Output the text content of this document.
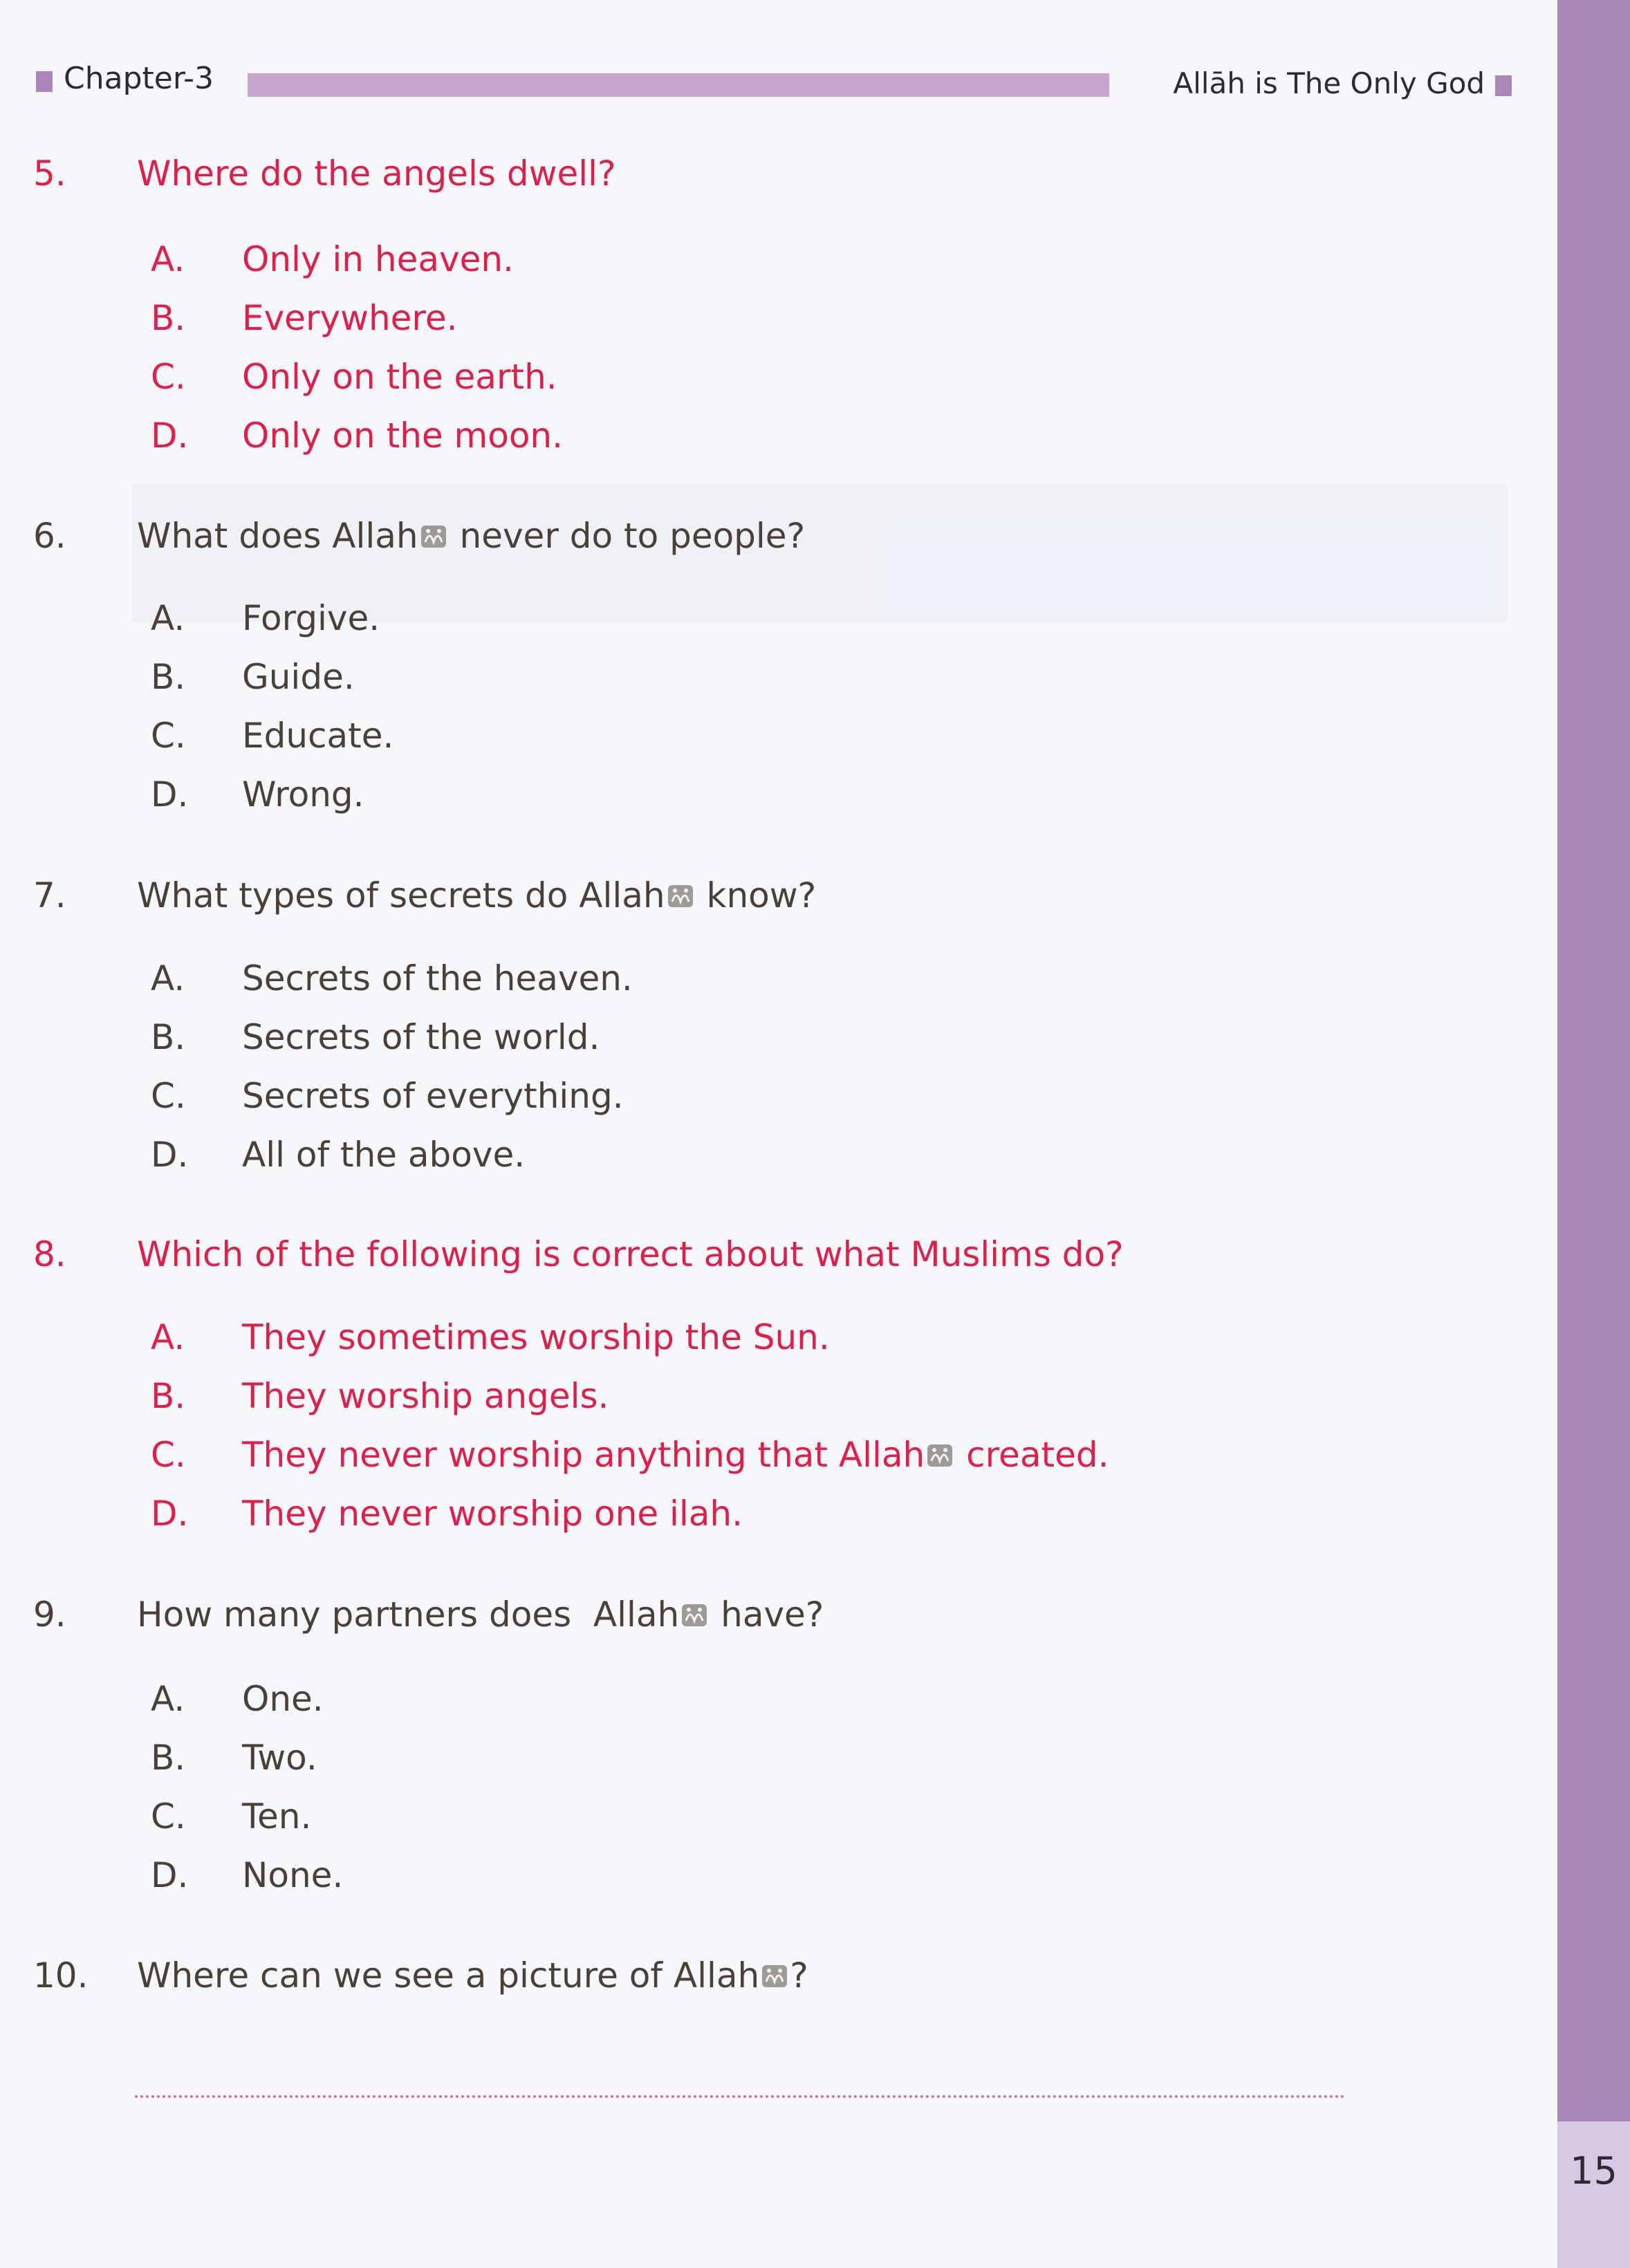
15
Chapter-3	Allāh is The Only God
5. Where do the angels dwell?
A. Only in heaven.
B. Everywhere.
C. Only on the earth.
D. Only on the moon.
6. What does Allah never do to people?
A. Forgive.
B. Guide.
C. Educate.
D. Wrong.
7. What types of secrets do Allah know?
A. Secrets of the heaven.
B. Secrets of the world.
C. Secrets of everything.
D. All of the above.
8. Which of the following is correct about what Muslims do?
A. They sometimes worship the Sun.
B. They worship angels.
C. They never worship anything that Allah created.
D. They never worship one ilah.
9. How many partners does  Allah have?
A. One.
B. Two.
C. Ten.
D. None.
10. Where can we see a picture of Allah ?
